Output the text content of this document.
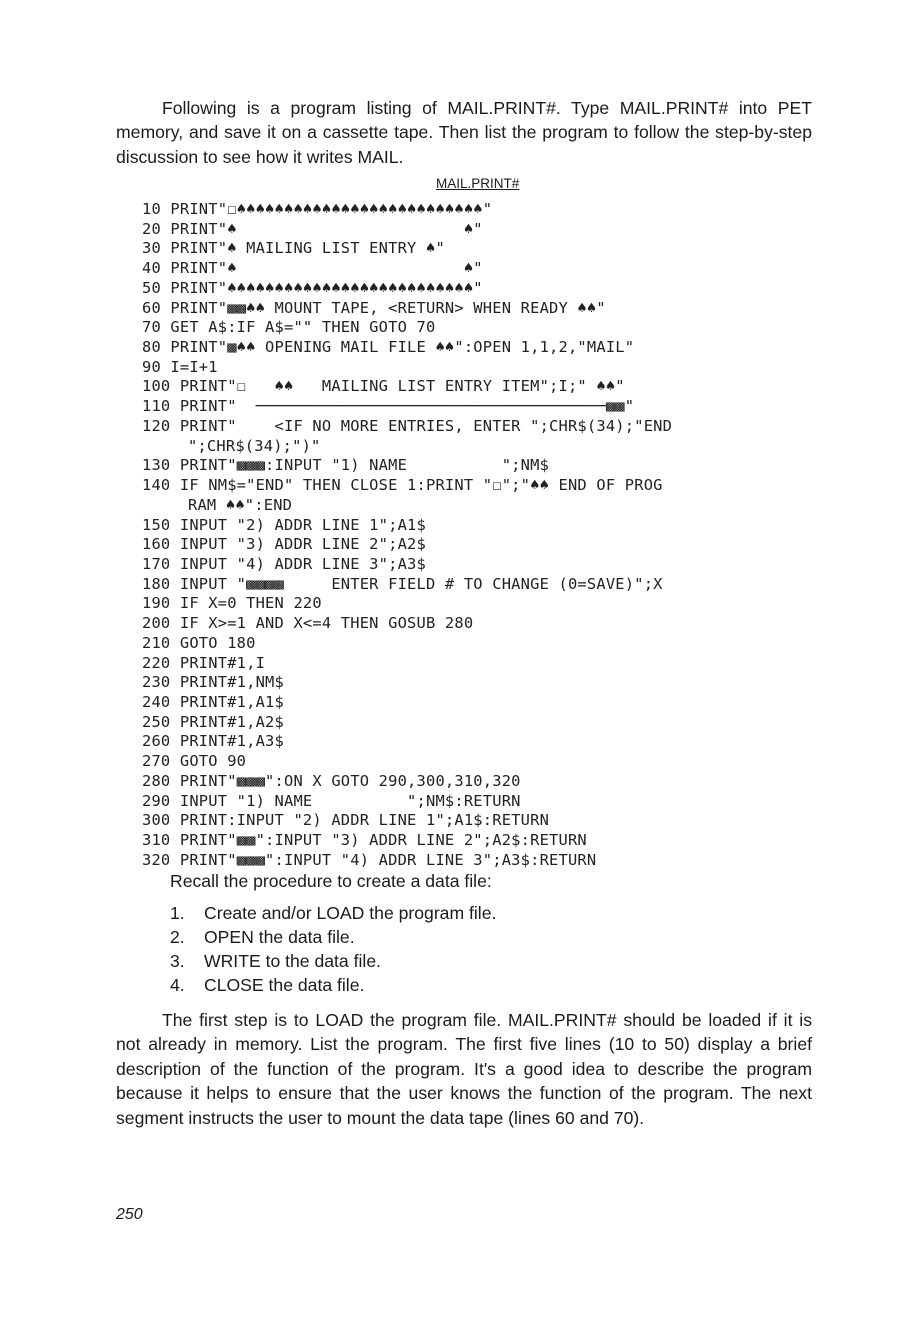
Following is a program listing of MAIL.PRINT#. Type MAIL.PRINT# into PET memory, and save it on a cassette tape. Then list the program to follow the step-by-step discussion to see how it writes MAIL.

MAIL.PRINT#

10 PRINT"☐♠♠♠♠♠♠♠♠♠♠♠♠♠♠♠♠♠♠♠♠♠♠♠♠♠♠"
20 PRINT"♠                        ♠"
30 PRINT"♠ MAILING LIST ENTRY ♠"
40 PRINT"♠                        ♠"
50 PRINT"♠♠♠♠♠♠♠♠♠♠♠♠♠♠♠♠♠♠♠♠♠♠♠♠♠♠"
60 PRINT"▩▩♠♠ MOUNT TAPE, <RETURN> WHEN READY ♠♠"
70 GET A$:IF A$="" THEN GOTO 70
80 PRINT"▩♠♠ OPENING MAIL FILE ♠♠":OPEN 1,1,2,"MAIL"
90 I=I+1
100 PRINT"☐   ♠♠   MAILING LIST ENTRY ITEM";I;" ♠♠"
110 PRINT"  ─────────────────────────────────────▩▩"
120 PRINT"    <IF NO MORE ENTRIES, ENTER ";CHR$(34);"END
";CHR$(34);")"
130 PRINT"▩▩▩:INPUT "1) NAME          ";NM$
140 IF NM$="END" THEN CLOSE 1:PRINT "☐";"♠♠ END OF PROG
RAM ♠♠":END
150 INPUT "2) ADDR LINE 1";A1$
160 INPUT "3) ADDR LINE 2";A2$
170 INPUT "4) ADDR LINE 3";A3$
180 INPUT "▩▩▩▩     ENTER FIELD # TO CHANGE (0=SAVE)";X
190 IF X=0 THEN 220
200 IF X>=1 AND X<=4 THEN GOSUB 280
210 GOTO 180
220 PRINT#1,I
230 PRINT#1,NM$
240 PRINT#1,A1$
250 PRINT#1,A2$
260 PRINT#1,A3$
270 GOTO 90
280 PRINT"▩▩▩":ON X GOTO 290,300,310,320
290 INPUT "1) NAME          ";NM$:RETURN
300 PRINT:INPUT "2) ADDR LINE 1";A1$:RETURN
310 PRINT"▩▩":INPUT "3) ADDR LINE 2";A2$:RETURN
320 PRINT"▩▩▩":INPUT "4) ADDR LINE 3";A3$:RETURN

Recall the procedure to create a data file:

1.	Create and/or LOAD the program file.
2.	OPEN the data file.
3.	WRITE to the data file.
4.	CLOSE the data file.

The first step is to LOAD the program file. MAIL.PRINT# should be loaded if it is not already in memory. List the program. The first five lines (10 to 50) display a brief description of the function of the program. It's a good idea to describe the program because it helps to ensure that the user knows the function of the program. The next segment instructs the user to mount the data tape (lines 60 and 70).

250
